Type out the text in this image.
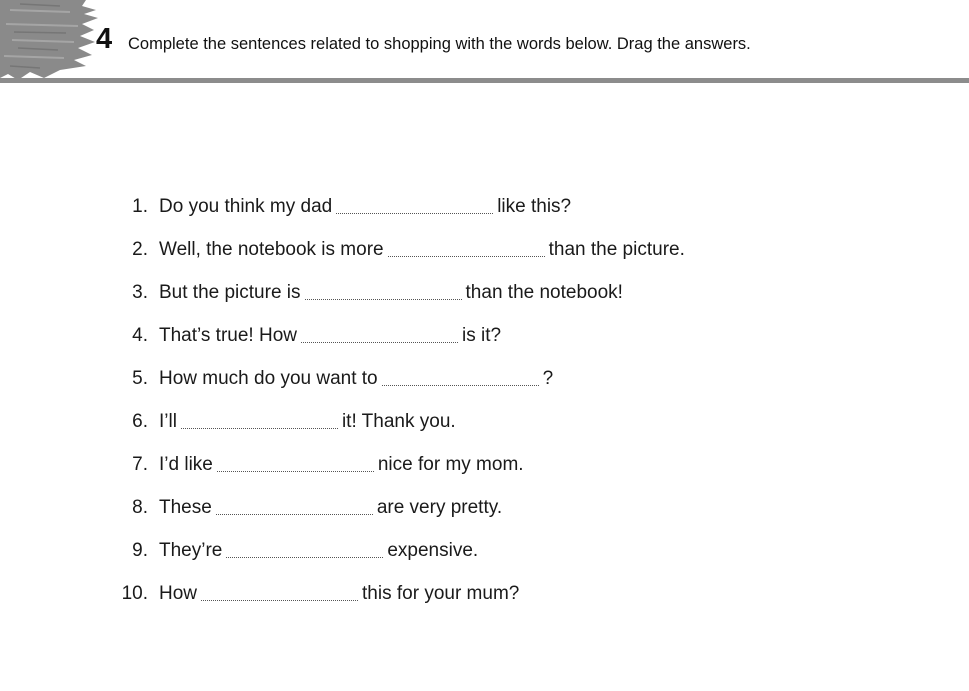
4 Complete the sentences related to shopping with the words below. Drag the answers.
1. Do you think my dad	like this?
2. Well, the notebook is more	than the picture.
3. But the picture is	than the notebook!
4. That’s true! How	is it?
5. How much do you want to	?
6. I’ll	it! Thank you.
7. I’d like	nice for my mom.
8. These	are very pretty.
9. They’re	expensive.
10. How	this for your mum?
